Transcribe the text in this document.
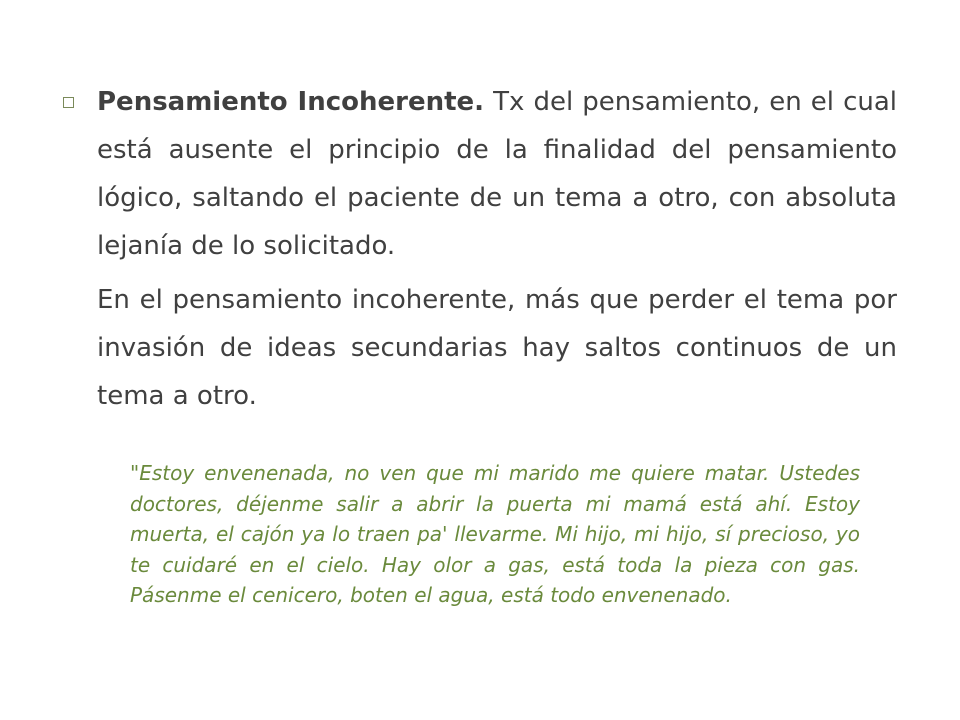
Pensamiento Incoherente. Tx del pensamiento, en el cual está ausente el principio de la finalidad del pensamiento lógico, saltando el paciente de un tema a otro, con absoluta lejanía de lo solicitado.

En el pensamiento incoherente, más que perder el tema por invasión de ideas secundarias hay saltos continuos de un tema a otro.

"Estoy envenenada, no ven que mi marido me quiere matar. Ustedes doctores, déjenme salir a abrir la puerta mi mamá está ahí. Estoy muerta, el cajón ya lo traen pa' llevarme. Mi hijo, mi hijo, sí precioso, yo te cuidaré en el cielo. Hay olor a gas, está toda la pieza con gas. Pásenme el cenicero, boten el agua, está todo envenenado.
